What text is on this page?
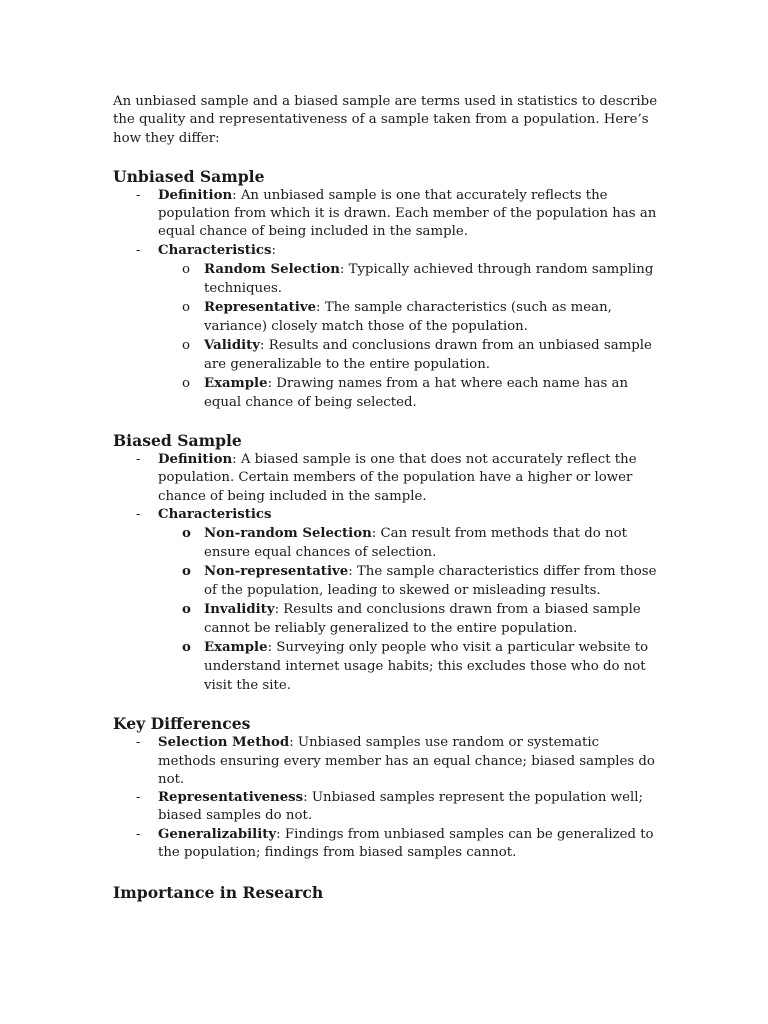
An unbiased sample and a biased sample are terms used in statistics to describe the quality and representativeness of a sample taken from a population. Here’s how they differ:

Unbiased Sample
- Definition: An unbiased sample is one that accurately reflects the population from which it is drawn. Each member of the population has an equal chance of being included in the sample.
- Characteristics:
o Random Selection: Typically achieved through random sampling techniques.
o Representative: The sample characteristics (such as mean, variance) closely match those of the population.
o Validity: Results and conclusions drawn from an unbiased sample are generalizable to the entire population.
o Example: Drawing names from a hat where each name has an equal chance of being selected.
Biased Sample
- Definition: A biased sample is one that does not accurately reflect the population. Certain members of the population have a higher or lower chance of being included in the sample.
- Characteristics
o Non-random Selection: Can result from methods that do not ensure equal chances of selection.
o Non-representative: The sample characteristics differ from those of the population, leading to skewed or misleading results.
o Invalidity: Results and conclusions drawn from a biased sample cannot be reliably generalized to the entire population.
o Example: Surveying only people who visit a particular website to understand internet usage habits; this excludes those who do not visit the site.
Key Differences
- Selection Method: Unbiased samples use random or systematic methods ensuring every member has an equal chance; biased samples do not.
- Representativeness: Unbiased samples represent the population well; biased samples do not.
- Generalizability: Findings from unbiased samples can be generalized to the population; findings from biased samples cannot.
Importance in Research
